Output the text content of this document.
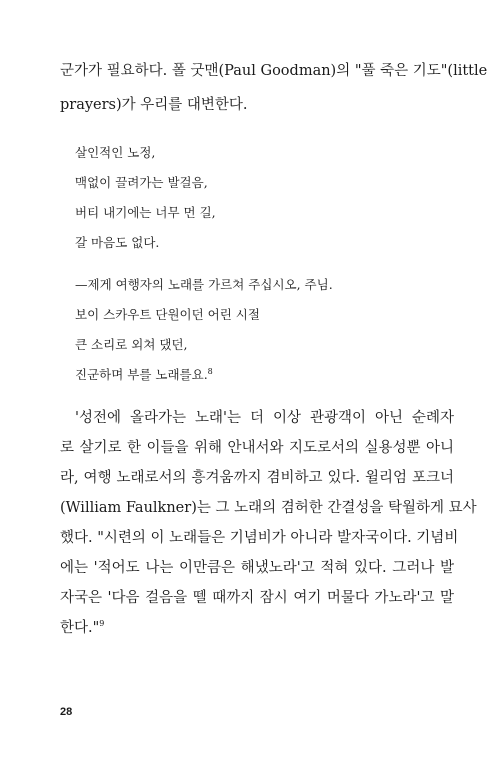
군가가 필요하다. 폴 굿맨(Paul Goodman)의 "풀 죽은 기도"(little
prayers)가 우리를 대변한다.
살인적인 노정,
맥없이 끌려가는 발걸음,
버티 내기에는 너무 먼 길,
갈 마음도 없다.
—제게 여행자의 노래를 가르쳐 주십시오, 주님.
보이 스카우트 단원이던 어린 시절
큰 소리로 외쳐 댔던,
진군하며 부를 노래를요.$^8$
'성전에 올라가는 노래'는 더 이상 관광객이 아닌 순례자
로 살기로 한 이들을 위해 안내서와 지도로서의 실용성뿐 아니
라, 여행 노래로서의 흥겨움까지 겸비하고 있다. 윌리엄 포크너
(William Faulkner)는 그 노래의 겸허한 간결성을 탁월하게 묘사
했다. "시련의 이 노래들은 기념비가 아니라 발자국이다. 기념비
에는 '적어도 나는 이만큼은 해냈노라'고 적혀 있다. 그러나 발
자국은 '다음 걸음을 뗄 때까지 잠시 여기 머물다 가노라'고 말
한다."$^9$
28
